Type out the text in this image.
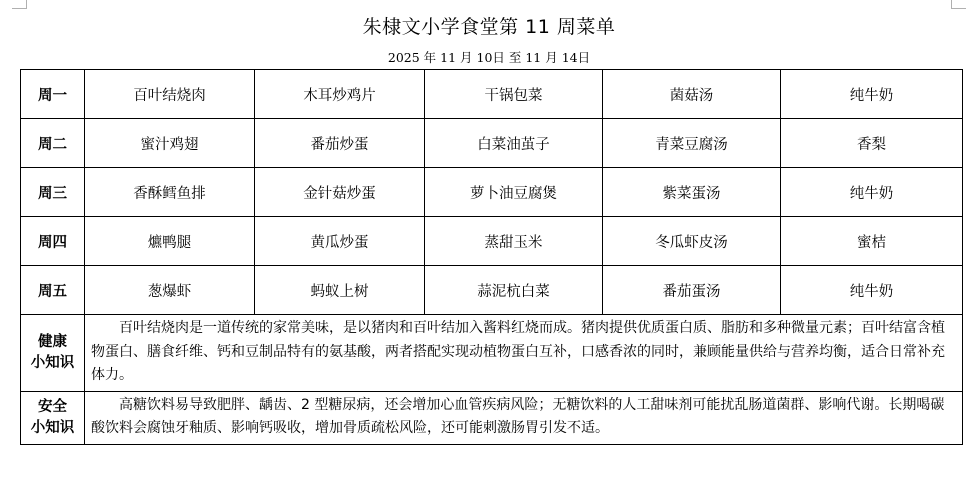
朱棣文小学食堂第 11 周菜单
2025 年 11 月 10日 至 11 月 14日
周一	百叶结烧肉	木耳炒鸡片	干锅包菜	菌菇汤	纯牛奶
周二	蜜汁鸡翅	番茄炒蛋	白菜油茧子	青菜豆腐汤	香梨
周三	香酥鳕鱼排	金针菇炒蛋	萝卜油豆腐煲	紫菜蛋汤	纯牛奶
周四	爊鸭腿	黄瓜炒蛋	蒸甜玉米	冬瓜虾皮汤	蜜桔
周五	葱爆虾	蚂蚁上树	蒜泥杭白菜	番茄蛋汤	纯牛奶

健康
小知识	百叶结烧肉是一道传统的家常美味，是以猪肉和百叶结加入酱料红烧而成。猪肉提供优质蛋白质、脂肪和多种微量元素；百叶结富含植物蛋白、膳食纤维、钙和豆制品特有的氨基酸，两者搭配实现动植物蛋白互补，口感香浓的同时，兼顾能量供给与营养均衡，适合日常补充体力。				

安全
小知识	高糖饮料易导致肥胖、龋齿、2 型糖尿病，还会增加心血管疾病风险；无糖饮料的人工甜味剂可能扰乱肠道菌群、影响代谢。长期喝碳酸饮料会腐蚀牙釉质、影响钙吸收，增加骨质疏松风险，还可能刺激肠胃引发不适。				
